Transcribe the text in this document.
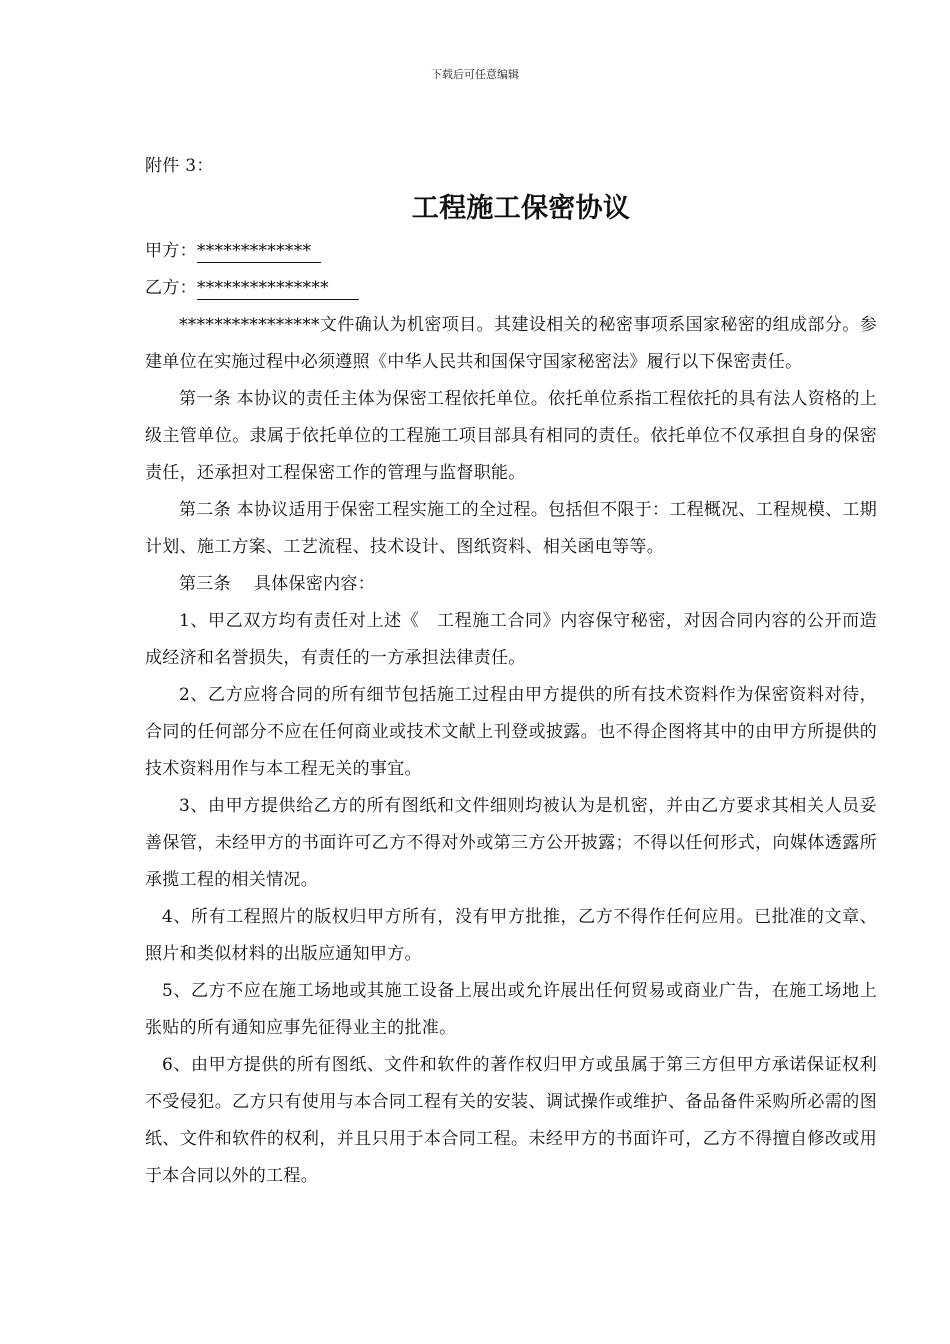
下载后可任意编辑

附件 3：

工程施工保密协议

甲方：*************

乙方：***************

****************文件确认为机密项目。其建设相关的秘密事项系国家秘密的组成部分。参建单位在实施过程中必须遵照《中华人民共和国保守国家秘密法》履行以下保密责任。

第一条 本协议的责任主体为保密工程依托单位。依托单位系指工程依托的具有法人资格的上级主管单位。隶属于依托单位的工程施工项目部具有相同的责任。依托单位不仅承担自身的保密责任，还承担对工程保密工作的管理与监督职能。

第二条 本协议适用于保密工程实施工的全过程。包括但不限于：工程概况、工程规模、工期计划、施工方案、工艺流程、技术设计、图纸资料、相关函电等等。

第三条　 具体保密内容：

1、甲乙双方均有责任对上述《　工程施工合同》内容保守秘密，对因合同内容的公开而造成经济和名誉损失，有责任的一方承担法律责任。

2、乙方应将合同的所有细节包括施工过程由甲方提供的所有技术资料作为保密资料对待，合同的任何部分不应在任何商业或技术文献上刊登或披露。也不得企图将其中的由甲方所提供的技术资料用作与本工程无关的事宜。

3、由甲方提供给乙方的所有图纸和文件细则均被认为是机密，并由乙方要求其相关人员妥善保管，未经甲方的书面许可乙方不得对外或第三方公开披露；不得以任何形式，向媒体透露所承揽工程的相关情况。

4、所有工程照片的版权归甲方所有，没有甲方批推，乙方不得作任何应用。已批准的文章、照片和类似材料的出版应通知甲方。

5、乙方不应在施工场地或其施工设备上展出或允许展出任何贸易或商业广告，在施工场地上张贴的所有通知应事先征得业主的批准。

6、由甲方提供的所有图纸、文件和软件的著作权归甲方或虽属于第三方但甲方承诺保证权利不受侵犯。乙方只有使用与本合同工程有关的安装、调试操作或维护、备品备件采购所必需的图纸、文件和软件的权利，并且只用于本合同工程。未经甲方的书面许可，乙方不得擅自修改或用于本合同以外的工程。
